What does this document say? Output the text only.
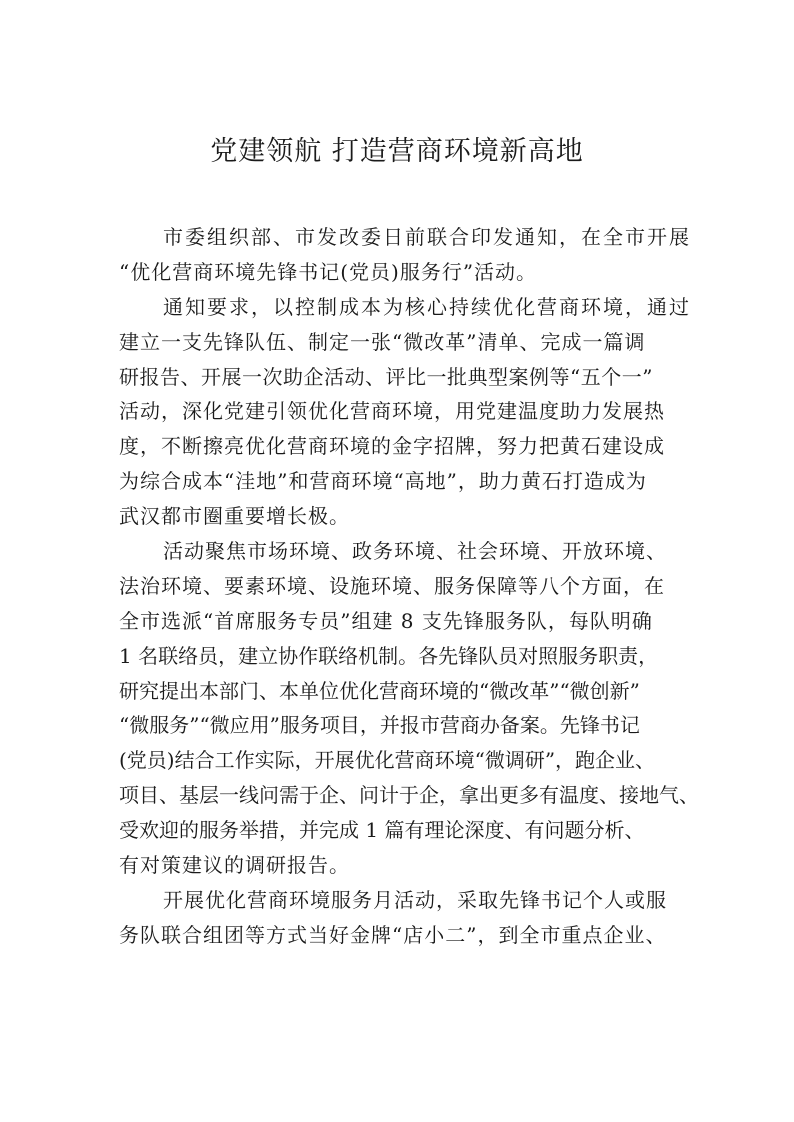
党建领航 打造营商环境新高地
市委组织部、市发改委日前联合印发通知，在全市开展
“优化营商环境先锋书记(党员)服务行”活动。
通知要求，以控制成本为核心持续优化营商环境，通过
建立一支先锋队伍、制定一张“微改革”清单、完成一篇调
研报告、开展一次助企活动、评比一批典型案例等“五个一”
活动，深化党建引领优化营商环境，用党建温度助力发展热
度，不断擦亮优化营商环境的金字招牌，努力把黄石建设成
为综合成本“洼地”和营商环境“高地”，助力黄石打造成为
武汉都市圈重要增长极。
活动聚焦市场环境、政务环境、社会环境、开放环境、
法治环境、要素环境、设施环境、服务保障等八个方面，在
全市选派“首席服务专员”组建 8 支先锋服务队，每队明确
1 名联络员，建立协作联络机制。各先锋队员对照服务职责，
研究提出本部门、本单位优化营商环境的“微改革”“微创新”
“微服务”“微应用”服务项目，并报市营商办备案。先锋书记
(党员)结合工作实际，开展优化营商环境“微调研”，跑企业、
项目、基层一线问需于企、问计于企，拿出更多有温度、接地气、
受欢迎的服务举措，并完成 1 篇有理论深度、有问题分析、
有对策建议的调研报告。
开展优化营商环境服务月活动，采取先锋书记个人或服
务队联合组团等方式当好金牌“店小二”，到全市重点企业、
